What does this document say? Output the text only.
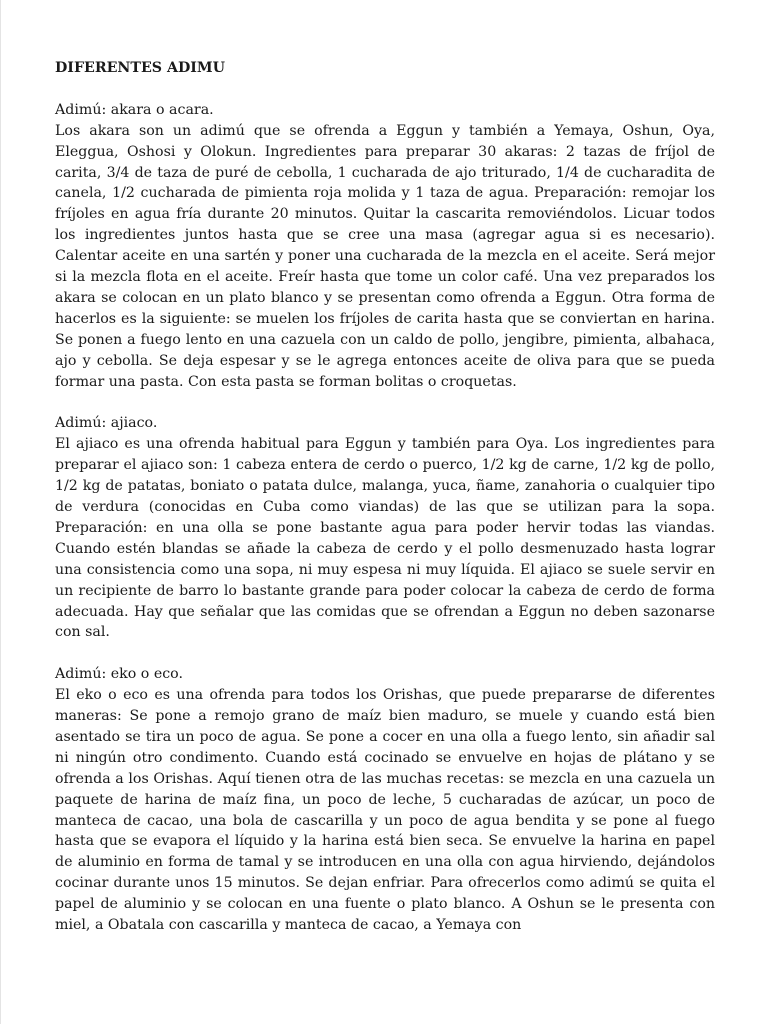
DIFERENTES ADIMU

Adimú: akara o acara.

Los akara son un adimú que se ofrenda a Eggun y también a Yemaya, Oshun, Oya, Eleggua, Oshosi y Olokun. Ingredientes para preparar 30 akaras: 2 tazas de fríjol de carita, 3/4 de taza de puré de cebolla, 1 cucharada de ajo triturado, 1/4 de cucharadita de canela, 1/2 cucharada de pimienta roja molida y 1 taza de agua. Preparación: remojar los fríjoles en agua fría durante 20 minutos. Quitar la cascarita removiéndolos. Licuar todos los ingredientes juntos hasta que se cree una masa (agregar agua si es necesario). Calentar aceite en una sartén y poner una cucharada de la mezcla en el aceite. Será mejor si la mezcla flota en el aceite. Freír hasta que tome un color café. Una vez preparados los akara se colocan en un plato blanco y se presentan como ofrenda a Eggun. Otra forma de hacerlos es la siguiente: se muelen los fríjoles de carita hasta que se conviertan en harina. Se ponen a fuego lento en una cazuela con un caldo de pollo, jengibre, pimienta, albahaca, ajo y cebolla. Se deja espesar y se le agrega entonces aceite de oliva para que se pueda formar una pasta. Con esta pasta se forman bolitas o croquetas.

Adimú: ajiaco.

El ajiaco es una ofrenda habitual para Eggun y también para Oya. Los ingredientes para preparar el ajiaco son: 1 cabeza entera de cerdo o puerco, 1/2 kg de carne, 1/2 kg de pollo, 1/2 kg de patatas, boniato o patata dulce, malanga, yuca, ñame, zanahoria o cualquier tipo de verdura (conocidas en Cuba como viandas) de las que se utilizan para la sopa. Preparación: en una olla se pone bastante agua para poder hervir todas las viandas. Cuando estén blandas se añade la cabeza de cerdo y el pollo desmenuzado hasta lograr una consistencia como una sopa, ni muy espesa ni muy líquida. El ajiaco se suele servir en un recipiente de barro lo bastante grande para poder colocar la cabeza de cerdo de forma adecuada. Hay que señalar que las comidas que se ofrendan a Eggun no deben sazonarse con sal.

Adimú: eko o eco.

El eko o eco es una ofrenda para todos los Orishas, que puede prepararse de diferentes maneras: Se pone a remojo grano de maíz bien maduro, se muele y cuando está bien asentado se tira un poco de agua. Se pone a cocer en una olla a fuego lento, sin añadir sal ni ningún otro condimento. Cuando está cocinado se envuelve en hojas de plátano y se ofrenda a los Orishas. Aquí tienen otra de las muchas recetas: se mezcla en una cazuela un paquete de harina de maíz fina, un poco de leche, 5 cucharadas de azúcar, un poco de manteca de cacao, una bola de cascarilla y un poco de agua bendita y se pone al fuego hasta que se evapora el líquido y la harina está bien seca. Se envuelve la harina en papel de aluminio en forma de tamal y se introducen en una olla con agua hirviendo, dejándolos cocinar durante unos 15 minutos. Se dejan enfriar. Para ofrecerlos como adimú se quita el papel de aluminio y se colocan en una fuente o plato blanco. A Oshun se le presenta con miel, a Obatala con cascarilla y manteca de cacao, a Yemaya con
